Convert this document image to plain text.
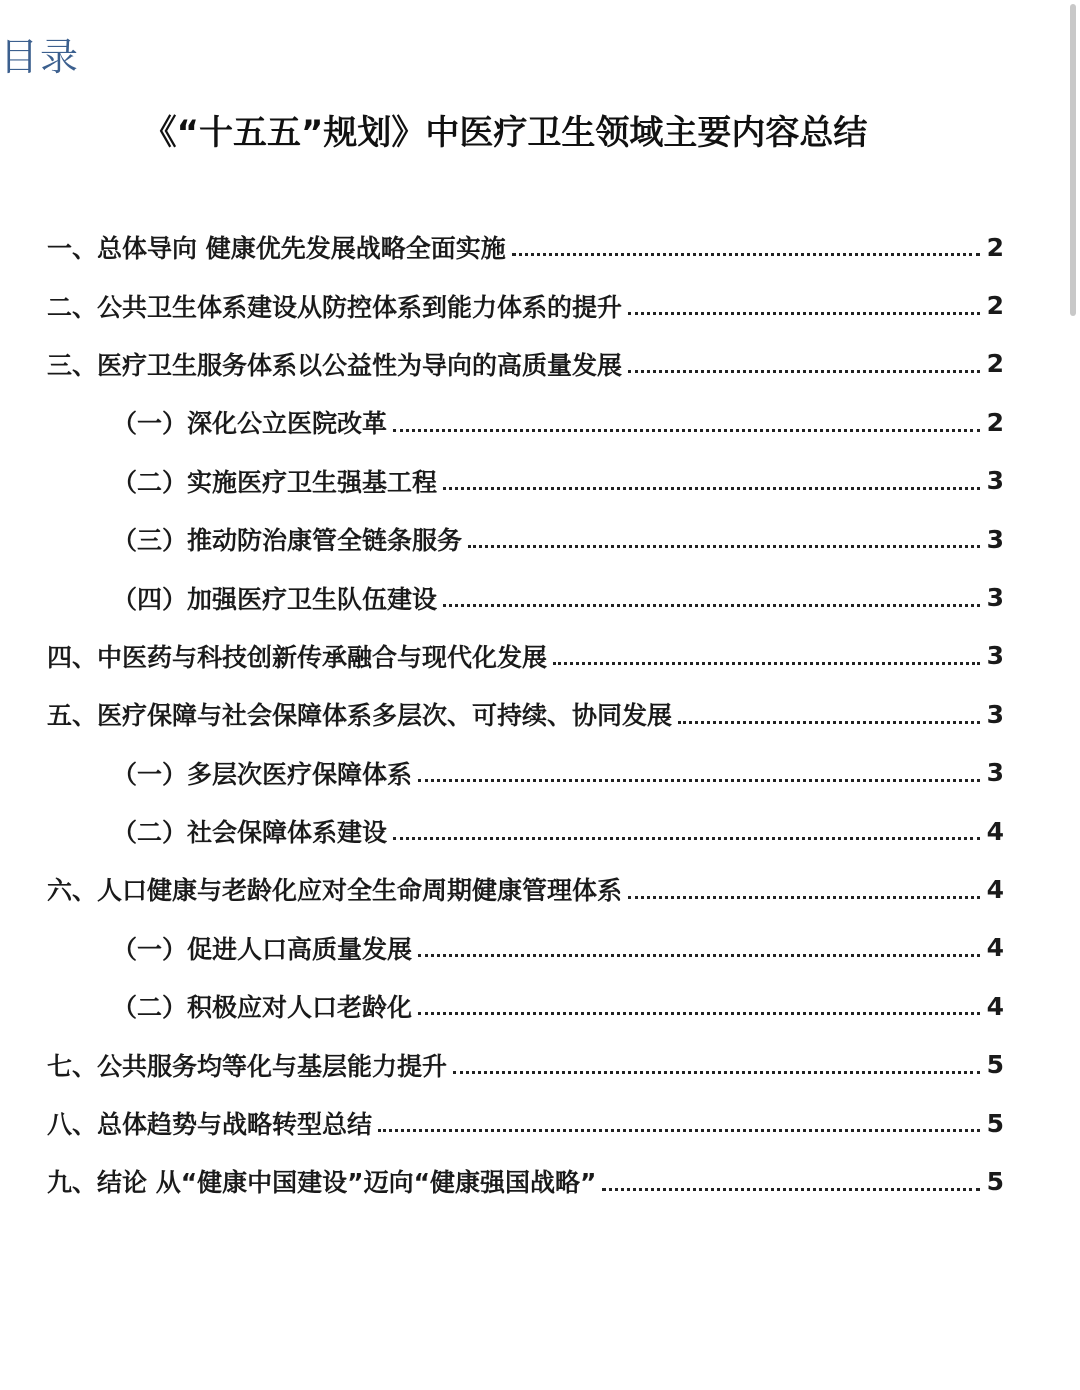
目录
《“十五五”规划》中医疗卫生领域主要内容总结
一、总体导向 健康优先发展战略全面实施	2
二、公共卫生体系建设从防控体系到能力体系的提升	2
三、医疗卫生服务体系以公益性为导向的高质量发展	2
（一）深化公立医院改革	2
（二）实施医疗卫生强基工程	3
（三）推动防治康管全链条服务	3
（四）加强医疗卫生队伍建设	3
四、中医药与科技创新传承融合与现代化发展	3
五、医疗保障与社会保障体系多层次、可持续、协同发展	3
（一）多层次医疗保障体系	3
（二）社会保障体系建设	4
六、人口健康与老龄化应对全生命周期健康管理体系	4
（一）促进人口高质量发展	4
（二）积极应对人口老龄化	4
七、公共服务均等化与基层能力提升	5
八、总体趋势与战略转型总结	5
九、结论 从“健康中国建设”迈向“健康强国战略”	5
